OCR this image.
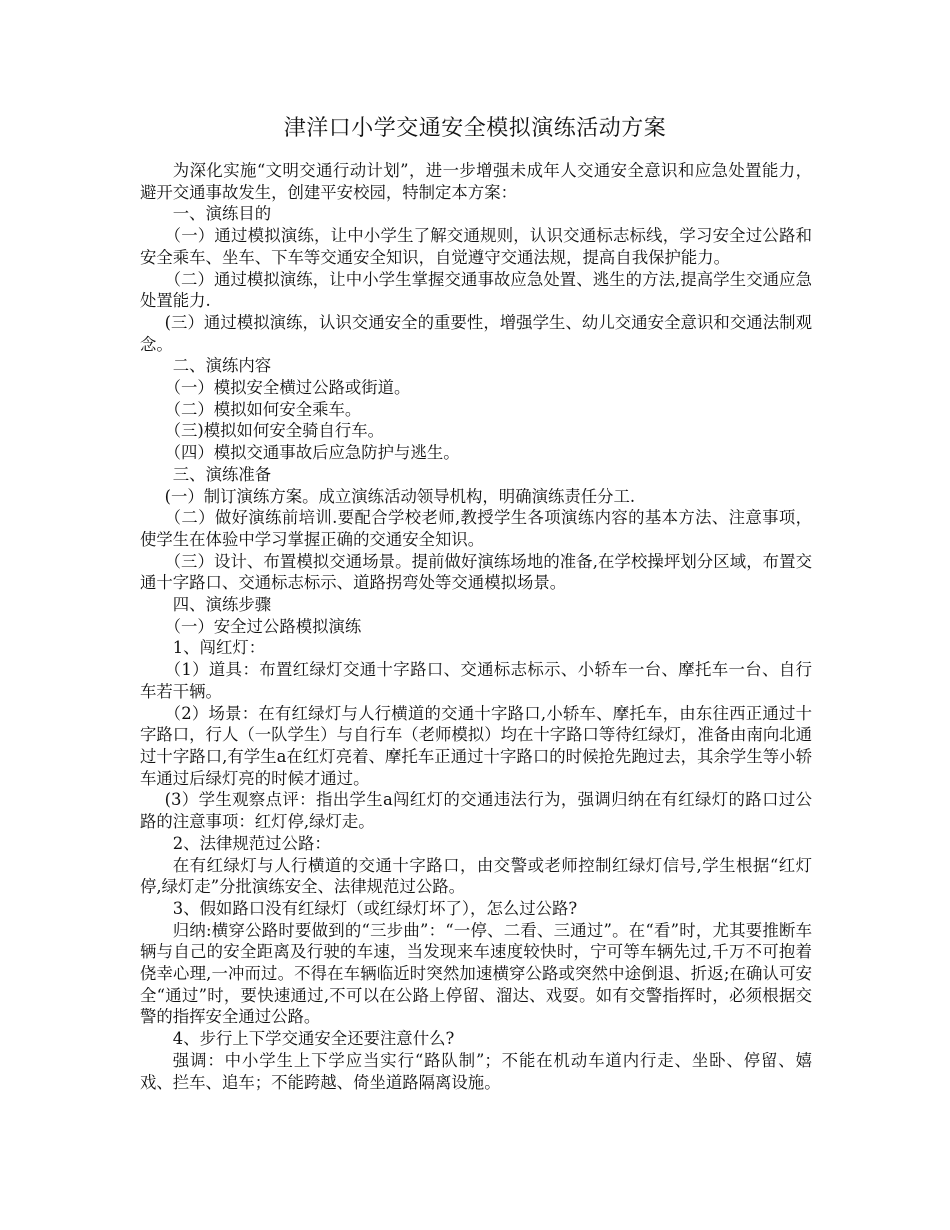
津洋口小学交通安全模拟演练活动方案

为深化实施“文明交通行动计划”，进一步增强未成年人交通安全意识和应急处置能力，避开交通事故发生，创建平安校园，特制定本方案：

一、演练目的

（一）通过模拟演练，让中小学生了解交通规则，认识交通标志标线，学习安全过公路和安全乘车、坐车、下车等交通安全知识，自觉遵守交通法规，提高自我保护能力。

（二）通过模拟演练，让中小学生掌握交通事故应急处置、逃生的方法,提高学生交通应急处置能力.

(三）通过模拟演练，认识交通安全的重要性，增强学生、幼儿交通安全意识和交通法制观念。

二、演练内容

（一）模拟安全横过公路或街道。

（二）模拟如何安全乘车。

（三)模拟如何安全骑自行车。

（四）模拟交通事故后应急防护与逃生。

三、演练准备

(一）制订演练方案。成立演练活动领导机构，明确演练责任分工.

（二）做好演练前培训.要配合学校老师,教授学生各项演练内容的基本方法、注意事项，使学生在体验中学习掌握正确的交通安全知识。

（三）设计、布置模拟交通场景。提前做好演练场地的准备,在学校操坪划分区域，布置交通十字路口、交通标志标示、道路拐弯处等交通模拟场景。

四、演练步骤

（一）安全过公路模拟演练

1、闯红灯：

（1）道具：布置红绿灯交通十字路口、交通标志标示、小轿车一台、摩托车一台、自行车若干辆。

（2）场景：在有红绿灯与人行横道的交通十字路口,小轿车、摩托车，由东往西正通过十字路口，行人（一队学生）与自行车（老师模拟）均在十字路口等待红绿灯，准备由南向北通过十字路口,有学生a在红灯亮着、摩托车正通过十字路口的时候抢先跑过去，其余学生等小轿车通过后绿灯亮的时候才通过。

(3）学生观察点评：指出学生a闯红灯的交通违法行为，强调归纳在有红绿灯的路口过公路的注意事项：红灯停,绿灯走。

2、法律规范过公路：

在有红绿灯与人行横道的交通十字路口，由交警或老师控制红绿灯信号,学生根据“红灯停,绿灯走”分批演练安全、法律规范过公路。

3、假如路口没有红绿灯（或红绿灯坏了），怎么过公路?

归纳:横穿公路时要做到的“三步曲”：“一停、二看、三通过”。在“看”时，尤其要推断车辆与自己的安全距离及行驶的车速，当发现来车速度较快时，宁可等车辆先过,千万不可抱着侥幸心理,一冲而过。不得在车辆临近时突然加速横穿公路或突然中途倒退、折返;在确认可安全“通过”时，要快速通过,不可以在公路上停留、溜达、戏耍。如有交警指挥时，必须根据交警的指挥安全通过公路。

4、步行上下学交通安全还要注意什么?

强调：中小学生上下学应当实行“路队制”；不能在机动车道内行走、坐卧、停留、嬉戏、拦车、追车；不能跨越、倚坐道路隔离设施。
